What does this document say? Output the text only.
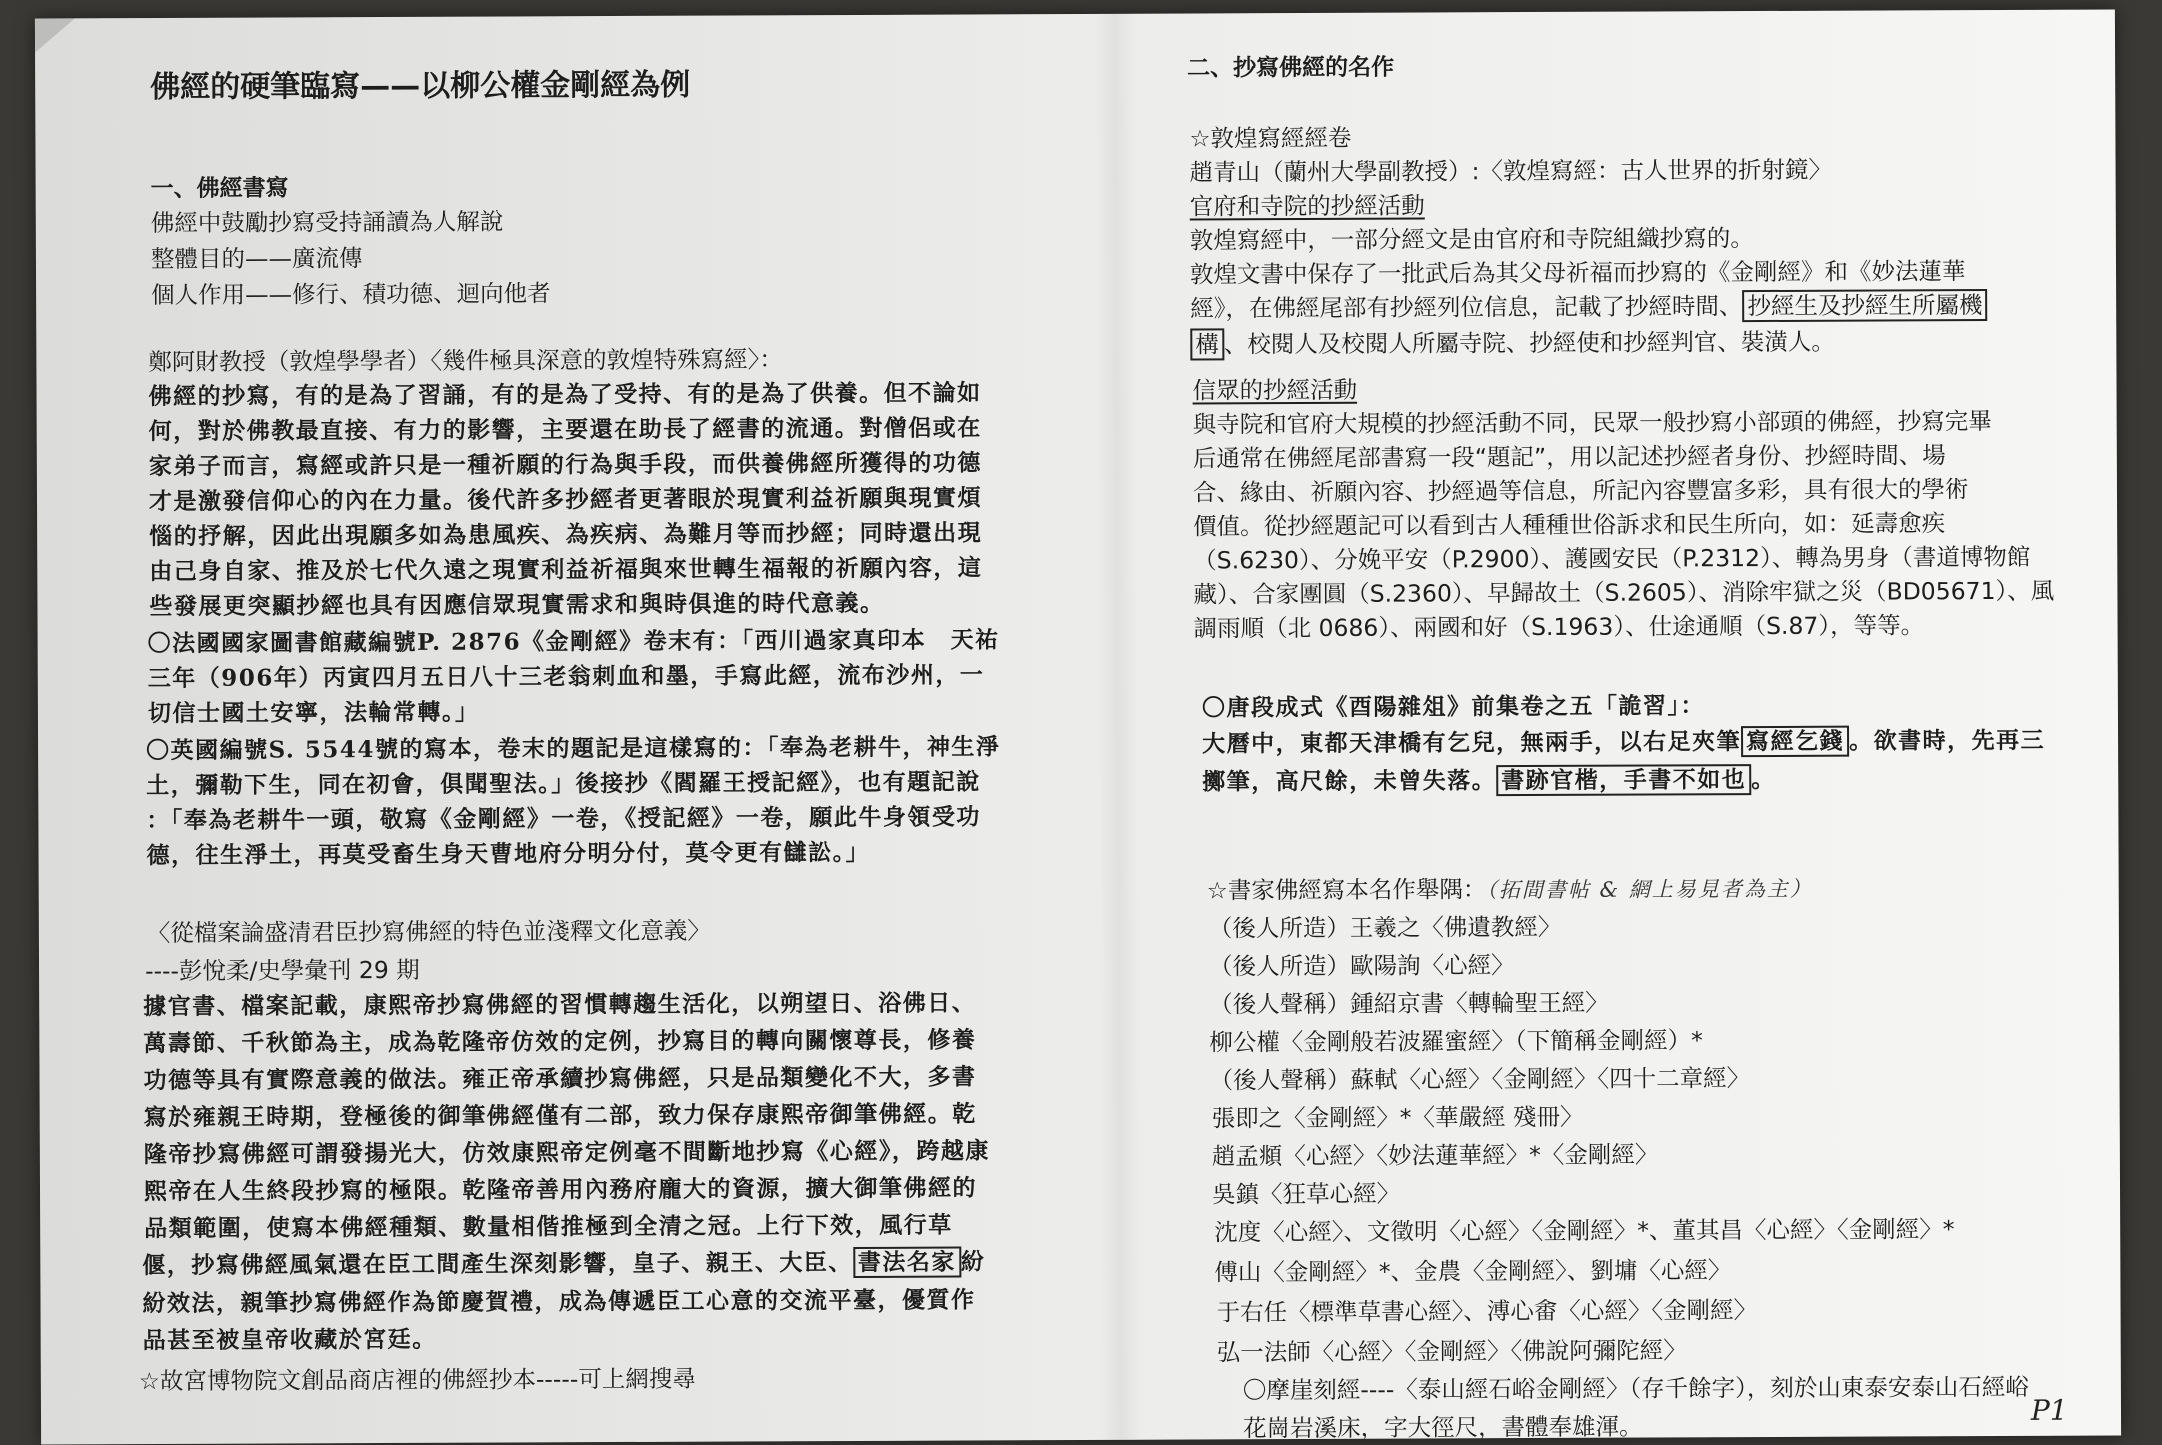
佛經的硬筆臨寫——以柳公權金剛經為例
一、佛經書寫
佛經中鼓勵抄寫受持誦讀為人解說
整體目的——廣流傳
個人作用——修行、積功德、迴向他者
鄭阿財教授（敦煌學學者）〈幾件極具深意的敦煌特殊寫經〉：
佛經的抄寫，有的是為了習誦，有的是為了受持、有的是為了供養。但不論如
何，對於佛教最直接、有力的影響，主要還在助長了經書的流通。對僧侶或在
家弟子而言，寫經或許只是一種祈願的行為與手段，而供養佛經所獲得的功德
才是激發信仰心的內在力量。後代許多抄經者更著眼於現實利益祈願與現實煩
惱的抒解，因此出現願多如為患風疾、為疾病、為難月等而抄經；同時還出現
由己身自家、推及於七代久遠之現實利益祈福與來世轉生福報的祈願內容，這
些發展更突顯抄經也具有因應信眾現實需求和與時俱進的時代意義。
〇法國國家圖書館藏編號P. 2876《金剛經》卷末有：「西川過家真印本　天祐
三年（906年）丙寅四月五日八十三老翁刺血和墨，手寫此經，流布沙州，一
切信士國土安寧，法輪常轉。」
〇英國編號S. 5544號的寫本，卷末的題記是這樣寫的：「奉為老耕牛，神生淨
土，彌勒下生，同在初會，俱聞聖法。」後接抄《閻羅王授記經》，也有題記說
：「奉為老耕牛一頭，敬寫《金剛經》一卷，《授記經》一卷，願此牛身領受功
德，往生淨土，再莫受畜生身天曹地府分明分付，莫令更有讎訟。」
〈從檔案論盛清君臣抄寫佛經的特色並淺釋文化意義〉
----彭悅柔/史學彙刊 29 期
據官書、檔案記載，康熙帝抄寫佛經的習慣轉趨生活化，以朔望日、浴佛日、
萬壽節、千秋節為主，成為乾隆帝仿效的定例，抄寫目的轉向關懷尊長，修養
功德等具有實際意義的做法。雍正帝承續抄寫佛經，只是品類變化不大，多書
寫於雍親王時期，登極後的御筆佛經僅有二部，致力保存康熙帝御筆佛經。乾
隆帝抄寫佛經可謂發揚光大，仿效康熙帝定例毫不間斷地抄寫《心經》，跨越康
熙帝在人生終段抄寫的極限。乾隆帝善用內務府龐大的資源，擴大御筆佛經的
品類範圍，使寫本佛經種類、數量相偕推極到全清之冠。上行下效，風行草
偃，抄寫佛經風氣還在臣工間產生深刻影響，皇子、親王、大臣、 書法名家 紛
紛效法，親筆抄寫佛經作為節慶賀禮，成為傳遞臣工心意的交流平臺，優質作
品甚至被皇帝收藏於宮廷。
☆故宮博物院文創品商店裡的佛經抄本-----可上網搜尋
二、抄寫佛經的名作
☆敦煌寫經經卷
趙青山（蘭州大學副教授）:〈敦煌寫經：古人世界的折射鏡〉
官府和寺院的抄經活動
敦煌寫經中，一部分經文是由官府和寺院組織抄寫的。
敦煌文書中保存了一批武后為其父母祈福而抄寫的《金剛經》和《妙法蓮華
經》，在佛經尾部有抄經列位信息，記載了抄經時間、 抄經生及抄經生所屬機
構 、校閱人及校閱人所屬寺院、抄經使和抄經判官、裝潢人。
信眾的抄經活動
與寺院和官府大規模的抄經活動不同，民眾一般抄寫小部頭的佛經，抄寫完畢
后通常在佛經尾部書寫一段“題記”，用以記述抄經者身份、抄經時間、場
合、緣由、祈願內容、抄經過等信息，所記內容豐富多彩，具有很大的學術
價值。從抄經題記可以看到古人種種世俗訴求和民生所向，如：延壽愈疾
（S.6230）、分娩平安（P.2900）、護國安民（P.2312）、轉為男身（書道博物館
藏）、合家團圓（S.2360）、早歸故土（S.2605）、消除牢獄之災（BD05671）、風
調雨順（北 0686）、兩國和好（S.1963）、仕途通順（S.87），等等。
〇唐段成式《酉陽雜俎》前集卷之五「詭習」：
大曆中，東都天津橋有乞兒，無兩手，以右足夾筆 寫經乞錢 。欲書時，先再三
擲筆，高尺餘，未曾失落。 書跡官楷，手書不如也 。
☆書家佛經寫本名作舉隅：（拓間書帖 & 網上易見者為主）
（後人所造）王羲之〈佛遺教經〉
（後人所造）歐陽詢〈心經〉
（後人聲稱）鍾紹京書〈轉輪聖王經〉
柳公權〈金剛般若波羅蜜經〉（下簡稱金剛經）*
（後人聲稱）蘇軾〈心經〉〈金剛經〉〈四十二章經〉
張即之〈金剛經〉*〈華嚴經 殘冊〉
趙孟頫〈心經〉〈妙法蓮華經〉*〈金剛經〉
吳鎮〈狂草心經〉
沈度〈心經〉、文徵明〈心經〉〈金剛經〉*、董其昌〈心經〉〈金剛經〉*
傅山〈金剛經〉*、金農〈金剛經〉、劉墉〈心經〉
于右任〈標準草書心經〉、溥心畬〈心經〉〈金剛經〉
弘一法師〈心經〉〈金剛經〉〈佛說阿彌陀經〉
〇摩崖刻經----〈泰山經石峪金剛經〉（存千餘字），刻於山東泰安泰山石經峪
花崗岩溪床，字大徑尺，書體奉雄渾。
P1
